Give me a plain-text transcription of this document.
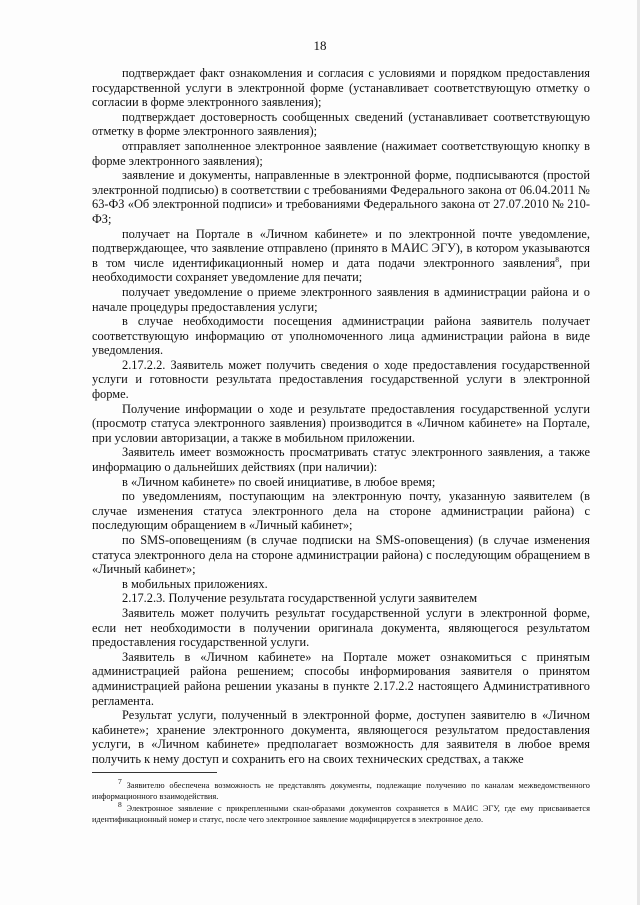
18

подтверждает факт ознакомления и согласия с условиями и порядком предоставления государственной услуги в электронной форме (устанавливает соответствующую отметку о согласии в форме электронного заявления);

подтверждает достоверность сообщенных сведений (устанавливает соответствующую отметку в форме электронного заявления);

отправляет заполненное электронное заявление (нажимает соответствующую кнопку в форме электронного заявления);

заявление и документы, направленные в электронной форме, подписываются (простой электронной подписью) в соответствии с требованиями Федерального закона от 06.04.2011 № 63-ФЗ «Об электронной подписи» и требованиями Федерального закона от 27.07.2010 № 210-ФЗ;

получает на Портале в «Личном кабинете» и по электронной почте уведомление, подтверждающее, что заявление отправлено (принято в МАИС ЭГУ), в котором указываются в том числе идентификационный номер и дата подачи электронного заявления$^8$, при необходимости сохраняет уведомление для печати;

получает уведомление о приеме электронного заявления в администрации района и о начале процедуры предоставления услуги;

в случае необходимости посещения администрации района заявитель получает соответствующую информацию от уполномоченного лица администрации района в виде уведомления.

2.17.2.2. Заявитель может получить сведения о ходе предоставления государственной услуги и готовности результата предоставления государственной услуги в электронной форме.

Получение информации о ходе и результате предоставления государственной услуги (просмотр статуса электронного заявления) производится в «Личном кабинете» на Портале, при условии авторизации, а также в мобильном приложении.

Заявитель имеет возможность просматривать статус электронного заявления, а также информацию о дальнейших действиях (при наличии):

в «Личном кабинете» по своей инициативе, в любое время;

по уведомлениям, поступающим на электронную почту, указанную заявителем (в случае изменения статуса электронного дела на стороне администрации района) с последующим обращением в «Личный кабинет»;

по SMS-оповещениям (в случае подписки на SMS-оповещения) (в случае изменения статуса электронного дела на стороне администрации района) с последующим обращением в «Личный кабинет»;

в мобильных приложениях.

2.17.2.3. Получение результата государственной услуги заявителем

Заявитель может получить результат государственной услуги в электронной форме, если нет необходимости в получении оригинала документа, являющегося результатом предоставления государственной услуги.

Заявитель в «Личном кабинете» на Портале может ознакомиться с принятым администрацией района решением; способы информирования заявителя о принятом администрацией района решении указаны в пункте 2.17.2.2 настоящего Административного регламента.

Результат услуги, полученный в электронной форме, доступен заявителю в «Личном кабинете»; хранение электронного документа, являющегося результатом предоставления услуги, в «Личном кабинете» предполагает возможность для заявителя в любое время получить к нему доступ и сохранить его на своих технических средствах, а также

$^7$ Заявителю обеспечена возможность не представлять документы, подлежащие получению по каналам межведомственного информационного взаимодействия.

$^8$ Электронное заявление с прикрепленными скан-образами документов сохраняется в МАИС ЭГУ, где ему присваивается идентификационный номер и статус, после чего электронное заявление модифицируется в электронное дело.
